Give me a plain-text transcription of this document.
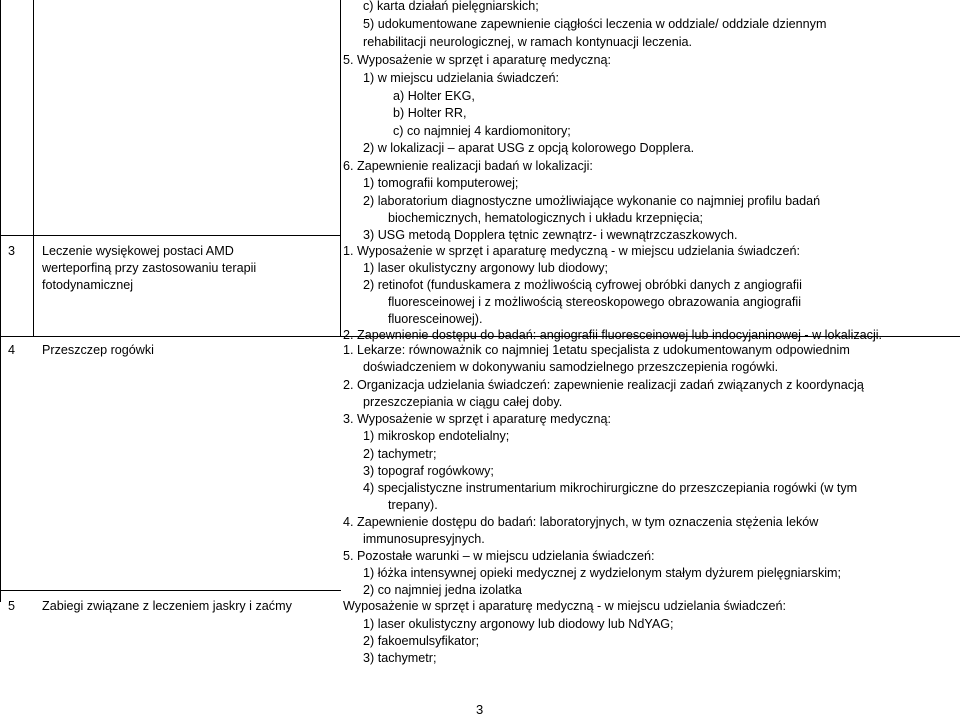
c) karta działań pielęgniarskich;
5) udokumentowane zapewnienie ciągłości leczenia w oddziale/ oddziale dziennym
rehabilitacji neurologicznej, w ramach kontynuacji leczenia.
5. Wyposażenie w sprzęt i aparaturę medyczną:
1) w miejscu udzielania świadczeń:
a) Holter EKG,
b) Holter RR,
c) co najmniej 4 kardiomonitory;
2) w lokalizacji – aparat USG z opcją kolorowego Dopplera.
6. Zapewnienie realizacji badań w lokalizacji:
1) tomografii komputerowej;
2) laboratorium diagnostyczne umożliwiające wykonanie co najmniej profilu badań
biochemicznych, hematologicznych i układu krzepnięcia;
3) USG metodą Dopplera tętnic zewnątrz- i wewnątrzczaszkowych.
3 Leczenie wysiękowej postaci AMD
werteporfiną przy zastosowaniu terapii
fotodynamicznej
1. Wyposażenie w sprzęt i aparaturę medyczną - w miejscu udzielania świadczeń:
1) laser okulistyczny argonowy lub diodowy;
2) retinofot (funduskamera z możliwością cyfrowej obróbki danych z angiografii
fluoresceinowej i z możliwością stereoskopowego obrazowania angiografii
fluoresceinowej).
2. Zapewnienie dostępu do badań: angiografii fluoresceinowej lub indocyjaninowej - w lokalizacji.
4 Przeszczep rogówki	1. Lekarze: równoważnik co najmniej 1etatu specjalista z udokumentowanym odpowiednim
doświadczeniem w dokonywaniu samodzielnego przeszczepienia rogówki.
2. Organizacja udzielania świadczeń: zapewnienie realizacji zadań związanych z koordynacją
przeszczepiania w ciągu całej doby.
3. Wyposażenie w sprzęt i aparaturę medyczną:
1) mikroskop endotelialny;
2) tachymetr;
3) topograf rogówkowy;
4) specjalistyczne instrumentarium mikrochirurgiczne do przeszczepiania rogówki (w tym
trepany).
4. Zapewnienie dostępu do badań: laboratoryjnych, w tym oznaczenia stężenia leków
immunosupresyjnych.
5. Pozostałe warunki – w miejscu udzielania świadczeń:
1) łóżka intensywnej opieki medycznej z wydzielonym stałym dyżurem pielęgniarskim;
2) co najmniej jedna izolatka
5 Zabiegi związane z leczeniem jaskry i zaćmy	Wyposażenie w sprzęt i aparaturę medyczną - w miejscu udzielania świadczeń:
1) laser okulistyczny argonowy lub diodowy lub NdYAG;
2) fakoemulsyfikator;
3) tachymetr;
3
